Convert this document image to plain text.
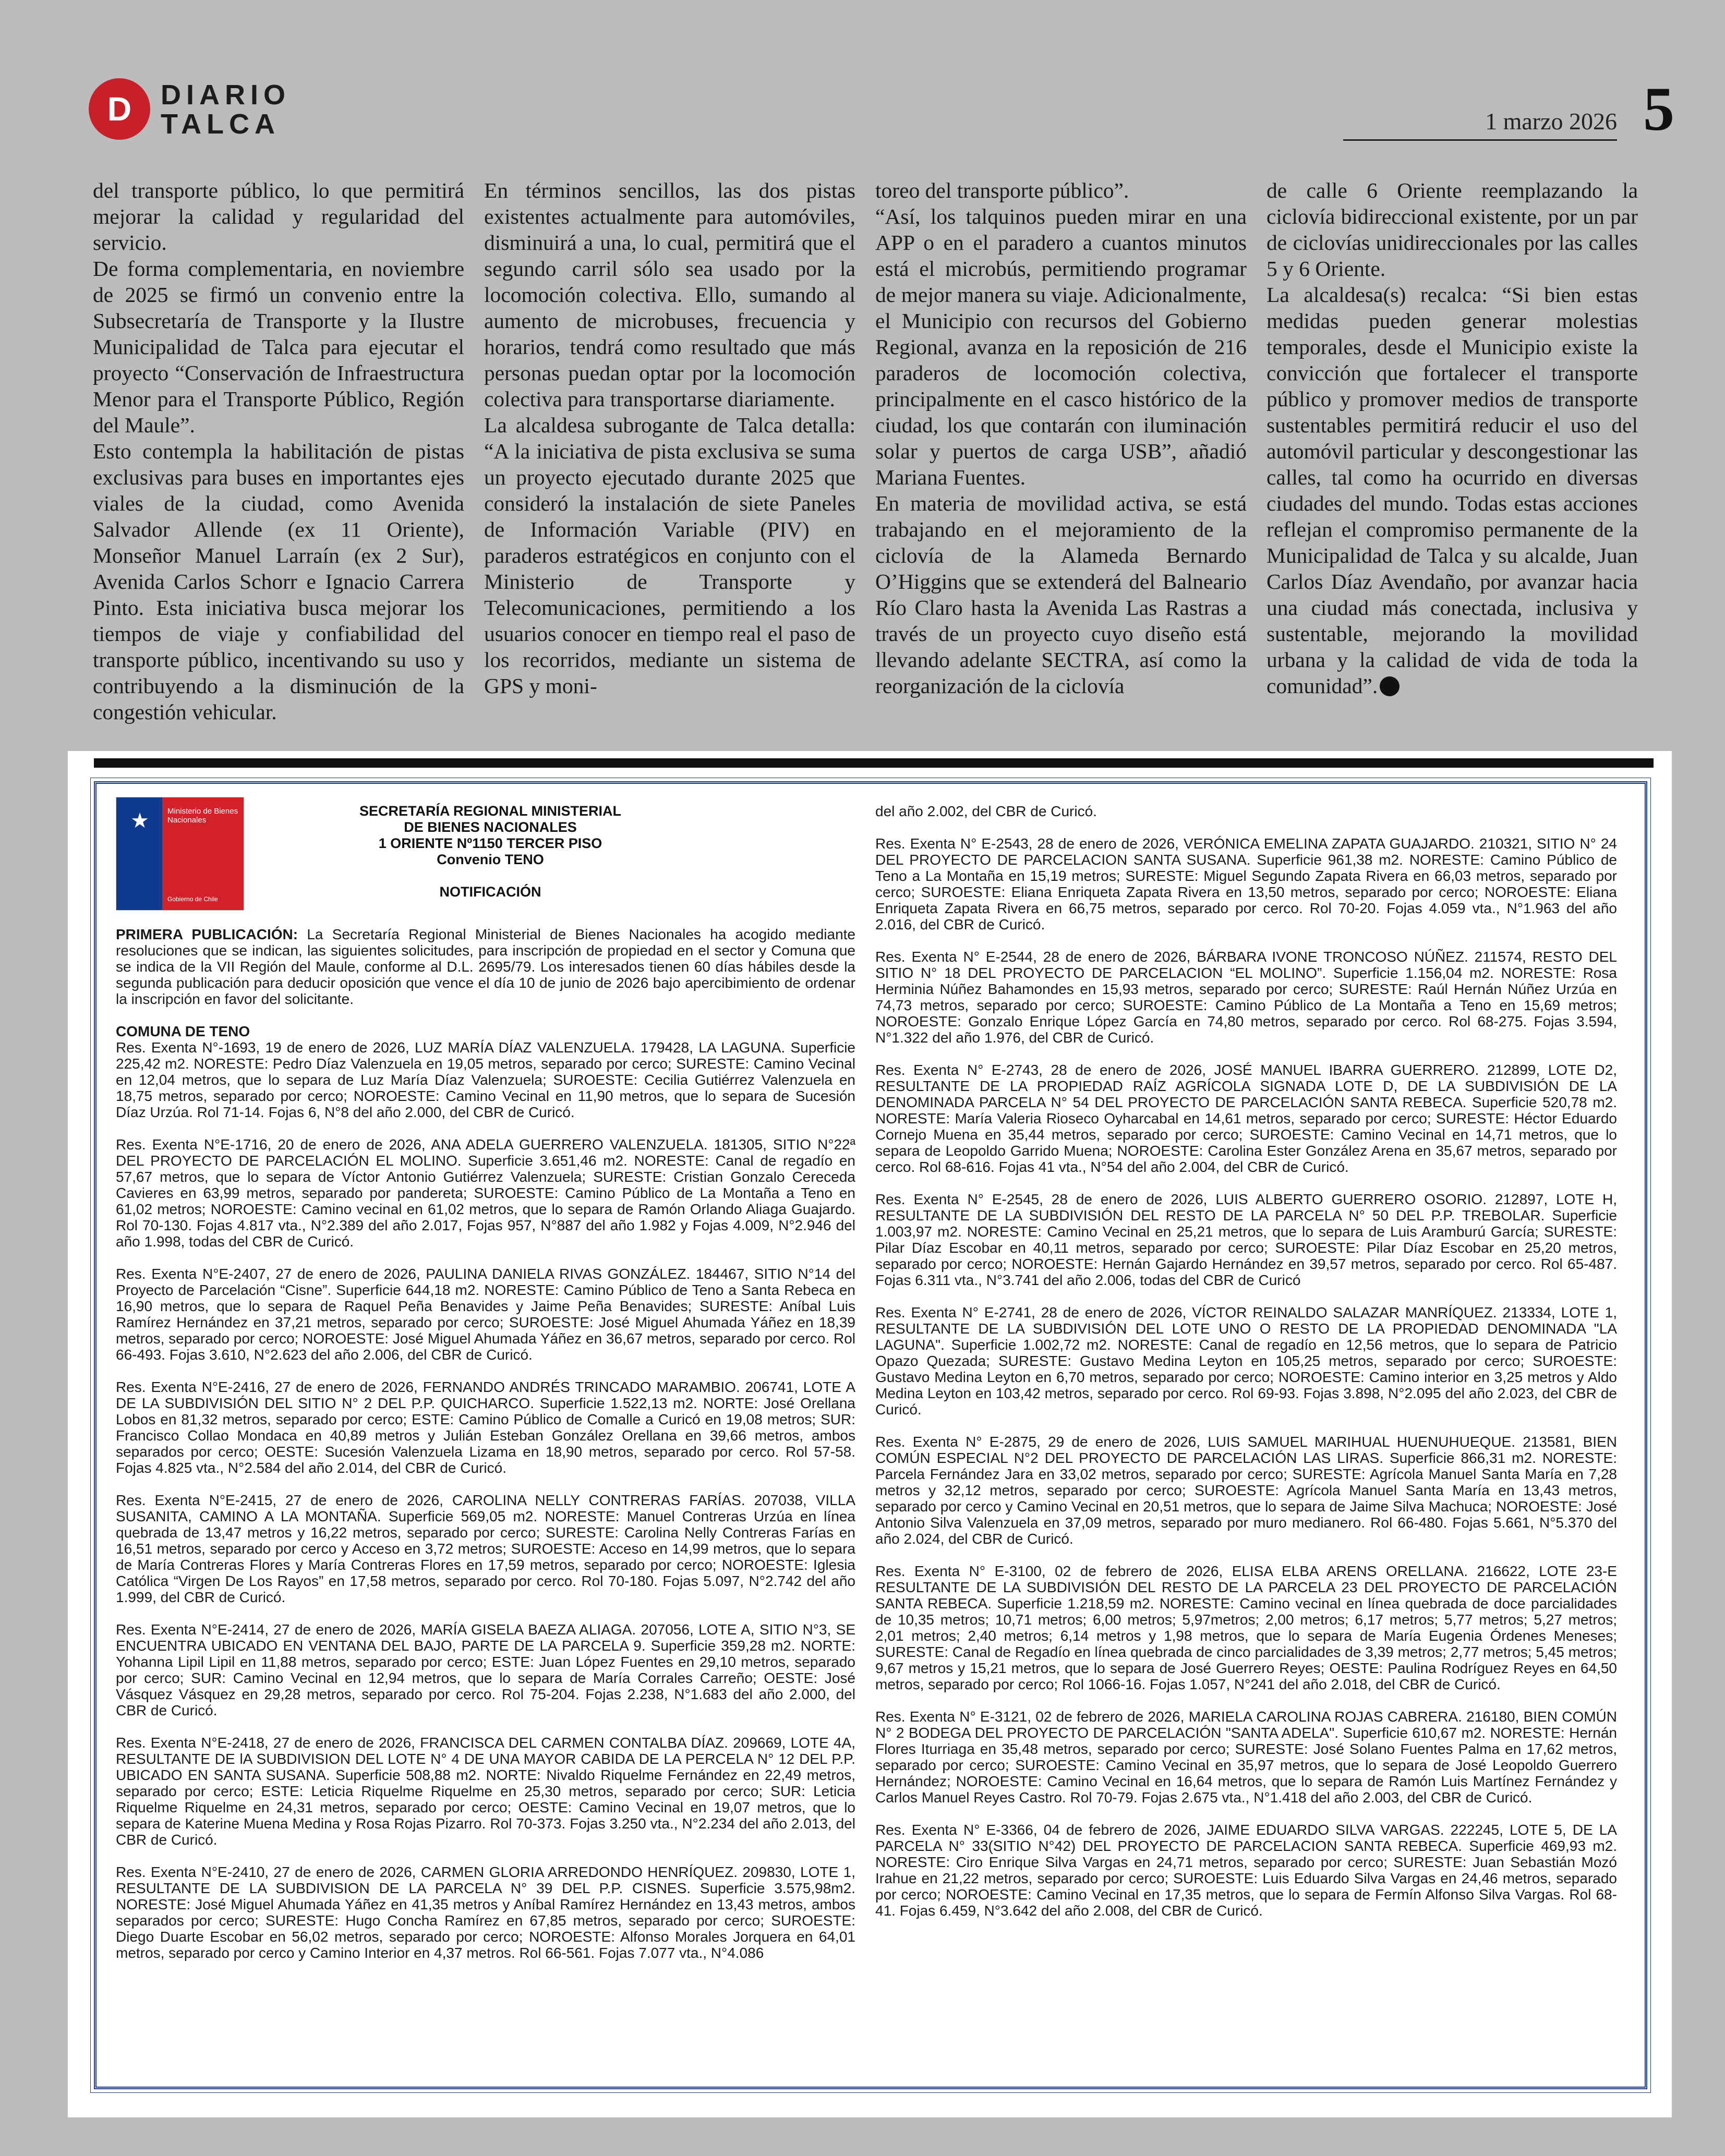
D DIARIO
TALCA	1 marzo 2026 5

del transporte público, lo que permitirá mejorar la calidad y regularidad del servicio.

De forma complementaria, en noviembre de 2025 se firmó un convenio entre la Subsecretaría de Transporte y la Ilustre Municipalidad de Talca para ejecutar el proyecto “Conservación de Infraestructura Menor para el Transporte Público, Región del Maule”.

Esto contempla la habilitación de pistas exclusivas para buses en importantes ejes viales de la ciudad, como Avenida Salvador Allende (ex 11 Oriente), Monseñor Manuel Larraín (ex 2 Sur), Avenida Carlos Schorr e Ignacio Carrera Pinto. Esta iniciativa busca mejorar los tiempos de viaje y confiabilidad del transporte público, incentivando su uso y contribuyendo a la disminución de la congestión vehicular.

En términos sencillos, las dos pistas existentes actualmente para automóviles, disminuirá a una, lo cual, permitirá que el segundo carril sólo sea usado por la locomoción colectiva. Ello, sumando al aumento de microbuses, frecuencia y horarios, tendrá como resultado que más personas puedan optar por la locomoción colectiva para transportarse diariamente.

La alcaldesa subrogante de Talca detalla: “A la iniciativa de pista exclusiva se suma un proyecto ejecutado durante 2025 que consideró la instalación de siete Paneles de Información Variable (PIV) en paraderos estratégicos en conjunto con el Ministerio de Transporte y Telecomunicaciones, permitiendo a los usuarios conocer en tiempo real el paso de los recorridos, mediante un sistema de GPS y moni-

toreo del transporte público”.

“Así, los talquinos pueden mirar en una APP o en el paradero a cuantos minutos está el microbús, permitiendo programar de mejor manera su viaje. Adicionalmente, el Municipio con recursos del Gobierno Regional, avanza en la reposición de 216 paraderos de locomoción colectiva, principalmente en el casco histórico de la ciudad, los que contarán con iluminación solar y puertos de carga USB”, añadió Mariana Fuentes.

En materia de movilidad activa, se está trabajando en el mejoramiento de la ciclovía de la Alameda Bernardo O’Higgins que se extenderá del Balneario Río Claro hasta la Avenida Las Rastras a través de un proyecto cuyo diseño está llevando adelante SECTRA, así como la reorganización de la ciclovía

de calle 6 Oriente reemplazando la ciclovía bidireccional existente, por un par de ciclovías unidireccionales por las calles 5 y 6 Oriente.

La alcaldesa(s) recalca: “Si bien estas medidas pueden generar molestias temporales, desde el Municipio existe la convicción que fortalecer el transporte público y promover medios de transporte sustentables permitirá reducir el uso del automóvil particular y descongestionar las calles, tal como ha ocurrido en diversas ciudades del mundo. Todas estas acciones reflejan el compromiso permanente de la Municipalidad de Talca y su alcalde, Juan Carlos Díaz Avendaño, por avanzar hacia una ciudad más conectada, inclusiva y sustentable, mejorando la movilidad urbana y la calidad de vida de toda la comunidad”.

★	Ministerio de Bienes Nacionales
Gobierno de Chile
SECRETARÍA REGIONAL MINISTERIAL
DE BIENES NACIONALES
1 ORIENTE Nº1150 TERCER PISO
Convenio TENO
NOTIFICACIÓN

PRIMERA PUBLICACIÓN: La Secretaría Regional Ministerial de Bienes Nacionales ha acogido mediante resoluciones que se indican, las siguientes solicitudes, para inscripción de propiedad en el sector y Comuna que se indica de la VII Región del Maule, conforme al D.L. 2695/79. Los interesados tienen 60 días hábiles desde la segunda publicación para deducir oposición que vence el día 10 de junio de 2026 bajo apercibimiento de ordenar la inscripción en favor del solicitante.

COMUNA DE TENO
Res. Exenta N°-1693, 19 de enero de 2026, LUZ MARÍA DÍAZ VALENZUELA. 179428, LA LAGUNA. Superficie 225,42 m2. NORESTE: Pedro Díaz Valenzuela en 19,05 metros, separado por cerco; SURESTE: Camino Vecinal en 12,04 metros, que lo separa de Luz María Díaz Valenzuela; SUROESTE: Cecilia Gutiérrez Valenzuela en 18,75 metros, separado por cerco; NOROESTE: Camino Vecinal en 11,90 metros, que lo separa de Sucesión Díaz Urzúa. Rol 71-14. Fojas 6, N°8 del año 2.000, del CBR de Curicó.

Res. Exenta N°E-1716, 20 de enero de 2026, ANA ADELA GUERRERO VALENZUELA. 181305, SITIO N°22ª DEL PROYECTO DE PARCELACIÓN EL MOLINO. Superficie 3.651,46 m2. NORESTE: Canal de regadío en 57,67 metros, que lo separa de Víctor Antonio Gutiérrez Valenzuela; SURESTE: Cristian Gonzalo Cereceda Cavieres en 63,99 metros, separado por pandereta; SUROESTE: Camino Público de La Montaña a Teno en 61,02 metros; NOROESTE: Camino vecinal en 61,02 metros, que lo separa de Ramón Orlando Aliaga Guajardo. Rol 70-130. Fojas 4.817 vta., N°2.389 del año 2.017, Fojas 957, N°887 del año 1.982 y Fojas 4.009, N°2.946 del año 1.998, todas del CBR de Curicó.

Res. Exenta N°E-2407, 27 de enero de 2026, PAULINA DANIELA RIVAS GONZÁLEZ. 184467, SITIO N°14 del Proyecto de Parcelación “Cisne”. Superficie 644,18 m2. NORESTE: Camino Público de Teno a Santa Rebeca en 16,90 metros, que lo separa de Raquel Peña Benavides y Jaime Peña Benavides; SURESTE: Aníbal Luis Ramírez Hernández en 37,21 metros, separado por cerco; SUROESTE: José Miguel Ahumada Yáñez en 18,39 metros, separado por cerco; NOROESTE: José Miguel Ahumada Yáñez en 36,67 metros, separado por cerco. Rol 66-493. Fojas 3.610, N°2.623 del año 2.006, del CBR de Curicó.

Res. Exenta N°E-2416, 27 de enero de 2026, FERNANDO ANDRÉS TRINCADO MARAMBIO. 206741, LOTE A DE LA SUBDIVISIÓN DEL SITIO N° 2 DEL P.P. QUICHARCO. Superficie 1.522,13 m2. NORTE: José Orellana Lobos en 81,32 metros, separado por cerco; ESTE: Camino Público de Comalle a Curicó en 19,08 metros; SUR: Francisco Collao Mondaca en 40,89 metros y Julián Esteban González Orellana en 39,66 metros, ambos separados por cerco; OESTE: Sucesión Valenzuela Lizama en 18,90 metros, separado por cerco. Rol 57-58. Fojas 4.825 vta., N°2.584 del año 2.014, del CBR de Curicó.

Res. Exenta N°E-2415, 27 de enero de 2026, CAROLINA NELLY CONTRERAS FARÍAS. 207038, VILLA SUSANITA, CAMINO A LA MONTAÑA. Superficie 569,05 m2. NORESTE: Manuel Contreras Urzúa en línea quebrada de 13,47 metros y 16,22 metros, separado por cerco; SURESTE: Carolina Nelly Contreras Farías en 16,51 metros, separado por cerco y Acceso en 3,72 metros; SUROESTE: Acceso en 14,99 metros, que lo separa de María Contreras Flores y María Contreras Flores en 17,59 metros, separado por cerco; NOROESTE: Iglesia Católica “Virgen De Los Rayos” en 17,58 metros, separado por cerco. Rol 70-180. Fojas 5.097, N°2.742 del año 1.999, del CBR de Curicó.

Res. Exenta N°E-2414, 27 de enero de 2026, MARÍA GISELA BAEZA ALIAGA. 207056, LOTE A, SITIO N°3, SE ENCUENTRA UBICADO EN VENTANA DEL BAJO, PARTE DE LA PARCELA 9. Superficie 359,28 m2. NORTE: Yohanna Lipil Lipil en 11,88 metros, separado por cerco; ESTE: Juan López Fuentes en 29,10 metros, separado por cerco; SUR: Camino Vecinal en 12,94 metros, que lo separa de María Corrales Carreño; OESTE: José Vásquez Vásquez en 29,28 metros, separado por cerco. Rol 75-204. Fojas 2.238, N°1.683 del año 2.000, del CBR de Curicó.

Res. Exenta N°E-2418, 27 de enero de 2026, FRANCISCA DEL CARMEN CONTALBA DÍAZ. 209669, LOTE 4A, RESULTANTE DE lA SUBDIVISION DEL LOTE N° 4 DE UNA MAYOR CABIDA DE LA PERCELA N° 12 DEL P.P. UBICADO EN SANTA SUSANA. Superficie 508,88 m2. NORTE: Nivaldo Riquelme Fernández en 22,49 metros, separado por cerco; ESTE: Leticia Riquelme Riquelme en 25,30 metros, separado por cerco; SUR: Leticia Riquelme Riquelme en 24,31 metros, separado por cerco; OESTE: Camino Vecinal en 19,07 metros, que lo separa de Katerine Muena Medina y Rosa Rojas Pizarro. Rol 70-373. Fojas 3.250 vta., N°2.234 del año 2.013, del CBR de Curicó.

Res. Exenta N°E-2410, 27 de enero de 2026, CARMEN GLORIA ARREDONDO HENRÍQUEZ. 209830, LOTE 1, RESULTANTE DE LA SUBDIVISION DE LA PARCELA N° 39 DEL P.P. CISNES. Superficie 3.575,98m2. NORESTE: José Miguel Ahumada Yáñez en 41,35 metros y Aníbal Ramírez Hernández en 13,43 metros, ambos separados por cerco; SURESTE: Hugo Concha Ramírez en 67,85 metros, separado por cerco; SUROESTE: Diego Duarte Escobar en 56,02 metros, separado por cerco; NOROESTE: Alfonso Morales Jorquera en 64,01 metros, separado por cerco y Camino Interior en 4,37 metros. Rol 66-561. Fojas 7.077 vta., N°4.086

del año 2.002, del CBR de Curicó.

Res. Exenta N° E-2543, 28 de enero de 2026, VERÓNICA EMELINA ZAPATA GUAJARDO. 210321, SITIO N° 24 DEL PROYECTO DE PARCELACION SANTA SUSANA. Superficie 961,38 m2. NORESTE: Camino Público de Teno a La Montaña en 15,19 metros; SURESTE: Miguel Segundo Zapata Rivera en 66,03 metros, separado por cerco; SUROESTE: Eliana Enriqueta Zapata Rivera en 13,50 metros, separado por cerco; NOROESTE: Eliana Enriqueta Zapata Rivera en 66,75 metros, separado por cerco. Rol 70-20. Fojas 4.059 vta., N°1.963 del año 2.016, del CBR de Curicó.

Res. Exenta N° E-2544, 28 de enero de 2026, BÁRBARA IVONE TRONCOSO NÚÑEZ. 211574, RESTO DEL SITIO N° 18 DEL PROYECTO DE PARCELACION “EL MOLINO”. Superficie 1.156,04 m2. NORESTE: Rosa Herminia Núñez Bahamondes en 15,93 metros, separado por cerco; SURESTE: Raúl Hernán Núñez Urzúa en 74,73 metros, separado por cerco; SUROESTE: Camino Público de La Montaña a Teno en 15,69 metros; NOROESTE: Gonzalo Enrique López García en 74,80 metros, separado por cerco. Rol 68-275. Fojas 3.594, N°1.322 del año 1.976, del CBR de Curicó.

Res. Exenta N° E-2743, 28 de enero de 2026, JOSÉ MANUEL IBARRA GUERRERO. 212899, LOTE D2, RESULTANTE DE LA PROPIEDAD RAÍZ AGRÍCOLA SIGNADA LOTE D, DE LA SUBDIVISIÓN DE LA DENOMINADA PARCELA N° 54 DEL PROYECTO DE PARCELACIÓN SANTA REBECA. Superficie 520,78 m2. NORESTE: María Valeria Rioseco Oyharcabal en 14,61 metros, separado por cerco; SURESTE: Héctor Eduardo Cornejo Muena en 35,44 metros, separado por cerco; SUROESTE: Camino Vecinal en 14,71 metros, que lo separa de Leopoldo Garrido Muena; NOROESTE: Carolina Ester González Arena en 35,67 metros, separado por cerco. Rol 68-616. Fojas 41 vta., N°54 del año 2.004, del CBR de Curicó.

Res. Exenta N° E-2545, 28 de enero de 2026, LUIS ALBERTO GUERRERO OSORIO. 212897, LOTE H, RESULTANTE DE LA SUBDIVISIÓN DEL RESTO DE LA PARCELA N° 50 DEL P.P. TREBOLAR. Superficie 1.003,97 m2. NORESTE: Camino Vecinal en 25,21 metros, que lo separa de Luis Aramburú García; SURESTE: Pilar Díaz Escobar en 40,11 metros, separado por cerco; SUROESTE: Pilar Díaz Escobar en 25,20 metros, separado por cerco; NOROESTE: Hernán Gajardo Hernández en 39,57 metros, separado por cerco. Rol 65-487. Fojas 6.311 vta., N°3.741 del año 2.006, todas del CBR de Curicó

Res. Exenta N° E-2741, 28 de enero de 2026, VÍCTOR REINALDO SALAZAR MANRÍQUEZ. 213334, LOTE 1, RESULTANTE DE LA SUBDIVISIÓN DEL LOTE UNO O RESTO DE LA PROPIEDAD DENOMINADA "LA LAGUNA". Superficie 1.002,72 m2. NORESTE: Canal de regadío en 12,56 metros, que lo separa de Patricio Opazo Quezada; SURESTE: Gustavo Medina Leyton en 105,25 metros, separado por cerco; SUROESTE: Gustavo Medina Leyton en 6,70 metros, separado por cerco; NOROESTE: Camino interior en 3,25 metros y Aldo Medina Leyton en 103,42 metros, separado por cerco. Rol 69-93. Fojas 3.898, N°2.095 del año 2.023, del CBR de Curicó.

Res. Exenta N° E-2875, 29 de enero de 2026, LUIS SAMUEL MARIHUAL HUENUHUEQUE. 213581, BIEN COMÚN ESPECIAL N°2 DEL PROYECTO DE PARCELACIÓN LAS LIRAS. Superficie 866,31 m2. NORESTE: Parcela Fernández Jara en 33,02 metros, separado por cerco; SURESTE: Agrícola Manuel Santa María en 7,28 metros y 32,12 metros, separado por cerco; SUROESTE: Agrícola Manuel Santa María en 13,43 metros, separado por cerco y Camino Vecinal en 20,51 metros, que lo separa de Jaime Silva Machuca; NOROESTE: José Antonio Silva Valenzuela en 37,09 metros, separado por muro medianero. Rol 66-480. Fojas 5.661, N°5.370 del año 2.024, del CBR de Curicó.

Res. Exenta N° E-3100, 02 de febrero de 2026, ELISA ELBA ARENS ORELLANA. 216622, LOTE 23-E RESULTANTE DE LA SUBDIVISIÓN DEL RESTO DE LA PARCELA 23 DEL PROYECTO DE PARCELACIÓN SANTA REBECA. Superficie 1.218,59 m2. NORESTE: Camino vecinal en línea quebrada de doce parcialidades de 10,35 metros; 10,71 metros; 6,00 metros; 5,97metros; 2,00 metros; 6,17 metros; 5,77 metros; 5,27 metros; 2,01 metros; 2,40 metros; 6,14 metros y 1,98 metros, que lo separa de María Eugenia Órdenes Meneses; SURESTE: Canal de Regadío en línea quebrada de cinco parcialidades de 3,39 metros; 2,77 metros; 5,45 metros; 9,67 metros y 15,21 metros, que lo separa de José Guerrero Reyes; OESTE: Paulina Rodríguez Reyes en 64,50 metros, separado por cerco; Rol 1066-16. Fojas 1.057, N°241 del año 2.018, del CBR de Curicó.

Res. Exenta N° E-3121, 02 de febrero de 2026, MARIELA CAROLINA ROJAS CABRERA. 216180, BIEN COMÚN N° 2 BODEGA DEL PROYECTO DE PARCELACIÓN "SANTA ADELA". Superficie 610,67 m2. NORESTE: Hernán Flores Iturriaga en 35,48 metros, separado por cerco; SURESTE: José Solano Fuentes Palma en 17,62 metros, separado por cerco; SUROESTE: Camino Vecinal en 35,97 metros, que lo separa de José Leopoldo Guerrero Hernández; NOROESTE: Camino Vecinal en 16,64 metros, que lo separa de Ramón Luis Martínez Fernández y Carlos Manuel Reyes Castro. Rol 70-79. Fojas 2.675 vta., N°1.418 del año 2.003, del CBR de Curicó.

Res. Exenta N° E-3366, 04 de febrero de 2026, JAIME EDUARDO SILVA VARGAS. 222245, LOTE 5, DE LA PARCELA N° 33(SITIO N°42) DEL PROYECTO DE PARCELACION SANTA REBECA. Superficie 469,93 m2. NORESTE: Ciro Enrique Silva Vargas en 24,71 metros, separado por cerco; SURESTE: Juan Sebastián Mozó Irahue en 21,22 metros, separado por cerco; SUROESTE: Luis Eduardo Silva Vargas en 24,46 metros, separado por cerco; NOROESTE: Camino Vecinal en 17,35 metros, que lo separa de Fermín Alfonso Silva Vargas. Rol 68-41. Fojas 6.459, N°3.642 del año 2.008, del CBR de Curicó.
